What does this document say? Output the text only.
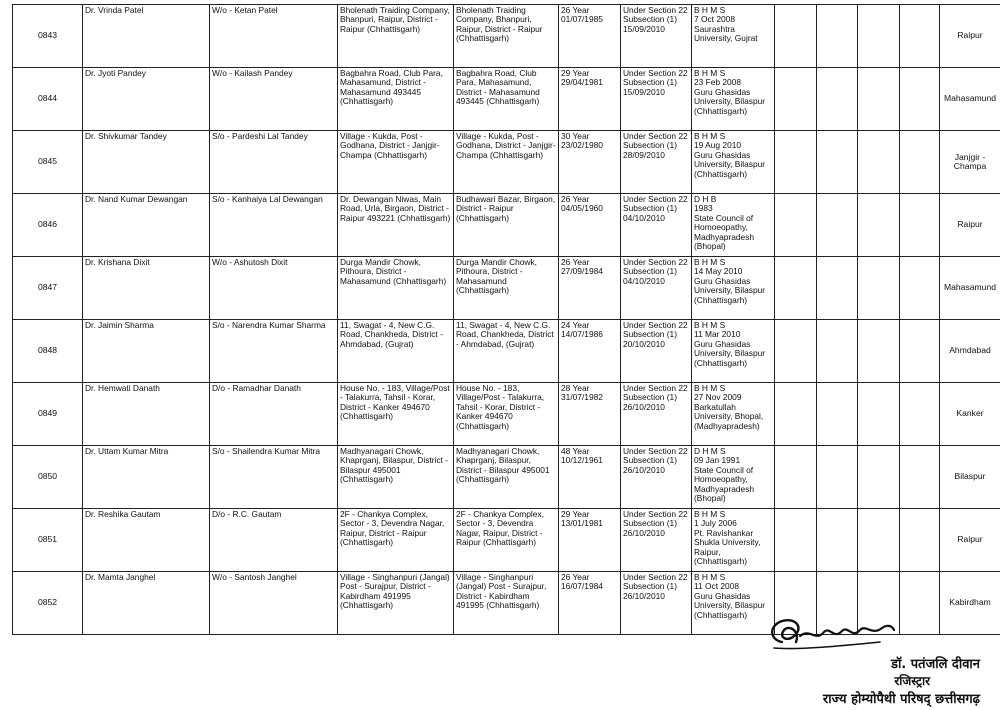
0843	Dr. Vrinda Patel	W/o - Ketan Patel	Bholenath Traiding Company, Bhanpuri, Raipur, District - Raipur (Chhattisgarh)	Bholenath Traiding Company, Bhanpuri, Raipur, District - Raipur (Chhattisgarh)	26 Year
01/07/1985	Under Section 22
Subsection (1)
15/09/2010	B H M S
7 Oct 2008
Saurashtra University, Gujrat					Raipur
0844	Dr. Jyoti Pandey	W/o - Kailash Pandey	Bagbahra Road, Club Para, Mahasamund, District - Mahasamund 493445 (Chhattisgarh)	Bagbahra Road, Club Para, Mahasamund, District - Mahasamund 493445 (Chhattisgarh)	29 Year
29/04/1981	Under Section 22
Subsection (1)
15/09/2010	B H M S
23 Feb 2008
Guru Ghasidas University, Bilaspur (Chhattisgarh)					Mahasamund
0845	Dr. Shivkumar Tandey	S/o - Pardeshi Lal Tandey	Village - Kukda, Post - Godhana, District - Janjgir-Champa (Chhattisgarh)	Village - Kukda, Post - Godhana, District - Janjgir-Champa (Chhattisgarh)	30 Year
23/02/1980	Under Section 22
Subsection (1)
28/09/2010	B H M S
19 Aug 2010
Guru Ghasidas University, Bilaspur (Chhattisgarh)					Janjgir - Champa
0846	Dr. Nand Kumar Dewangan	S/o - Kanhaiya Lal Dewangan	Dr. Dewangan Niwas, Main Road, Urla, Birgaon, District - Raipur 493221 (Chhattisgarh)	Budhawari Bazar, Birgaon, District - Raipur (Chhattisgarh)	26 Year
04/05/1960	Under Section 22
Subsection (1)
04/10/2010	D H B
1983
State Council of Homoeopathy, Madhyapradesh (Bhopal)					Raipur
0847	Dr. Krishana Dixit	W/o - Ashutosh Dixit	Durga Mandir Chowk, Pithoura, District - Mahasamund (Chhattisgarh)	Durga Mandir Chowk, Pithoura, District - Mahasamund (Chhattisgarh)	26 Year
27/09/1984	Under Section 22
Subsection (1)
04/10/2010	B H M S
14 May 2010
Guru Ghasidas University, Bilaspur (Chhattisgarh)					Mahasamund
0848	Dr. Jaimin Sharma	S/o - Narendra Kumar Sharma	11, Swagat - 4, New C.G. Road, Chankheda, District - Ahmdabad, (Gujrat)	11, Swagat - 4, New C.G. Road, Chankheda, District - Ahmdabad, (Gujrat)	24 Year
14/07/1986	Under Section 22
Subsection (1)
20/10/2010	B H M S
11 Mar 2010
Guru Ghasidas University, Bilaspur (Chhattisgarh)					Ahmdabad
0849	Dr. Hemwati Danath	D/o - Ramadhar Danath	House No. - 183, Village/Post - Talakurra, Tahsil - Korar, District - Kanker 494670 (Chhattisgarh)	House No. - 183, Village/Post - Talakurra, Tahsil - Korar, District - Kanker 494670 (Chhattisgarh)	28 Year
31/07/1982	Under Section 22
Subsection (1)
26/10/2010	B H M S
27 Nov 2009
Barkatullah University, Bhopal, (Madhyapradesh)					Kanker
0850	Dr. Uttam Kumar Mitra	S/o - Shailendra Kumar Mitra	Madhyanagari Chowk, Khaprganj, Bilaspur, District - Bilaspur 495001 (Chhattisgarh)	Madhyanagari Chowk, Khaprganj, Bilaspur, District - Bilaspur 495001 (Chhattisgarh)	48 Year
10/12/1961	Under Section 22
Subsection (1)
26/10/2010	D H M S
09 Jan 1991
State Council of Homoeopathy, Madhyapradesh (Bhopal)					Bilaspur
0851	Dr. Reshika Gautam	D/o - R.C. Gautam	2F - Chankya Complex, Sector - 3, Devendra Nagar, Raipur, District - Raipur (Chhattisgarh)	2F - Chankya Complex, Sector - 3, Devendra Nagar, Raipur, District - Raipur (Chhattisgarh)	29 Year
13/01/1981	Under Section 22
Subsection (1)
26/10/2010	B H M S
1 July 2006
Pt. Ravishankar Shukla University, Raipur, (Chhattisgarh)					Raipur
0852	Dr. Mamta Janghel	W/o - Santosh Janghel	Village - Singhanpuri (Jangal) Post - Surajpur, District - Kabirdham 491995 (Chhattisgarh)	Village - Singhanpuri (Jangal) Post - Surajpur, District - Kabirdham 491995 (Chhattisgarh)	26 Year
16/07/1984	Under Section 22
Subsection (1)
26/10/2010	B H M S
11 Oct 2008
Guru Ghasidas University, Bilaspur (Chhattisgarh)					Kabirdham
डॉ. पतंजलि दीवान
रजिस्ट्रार
राज्य होम्योपैथी परिषद् छत्तीसगढ़
